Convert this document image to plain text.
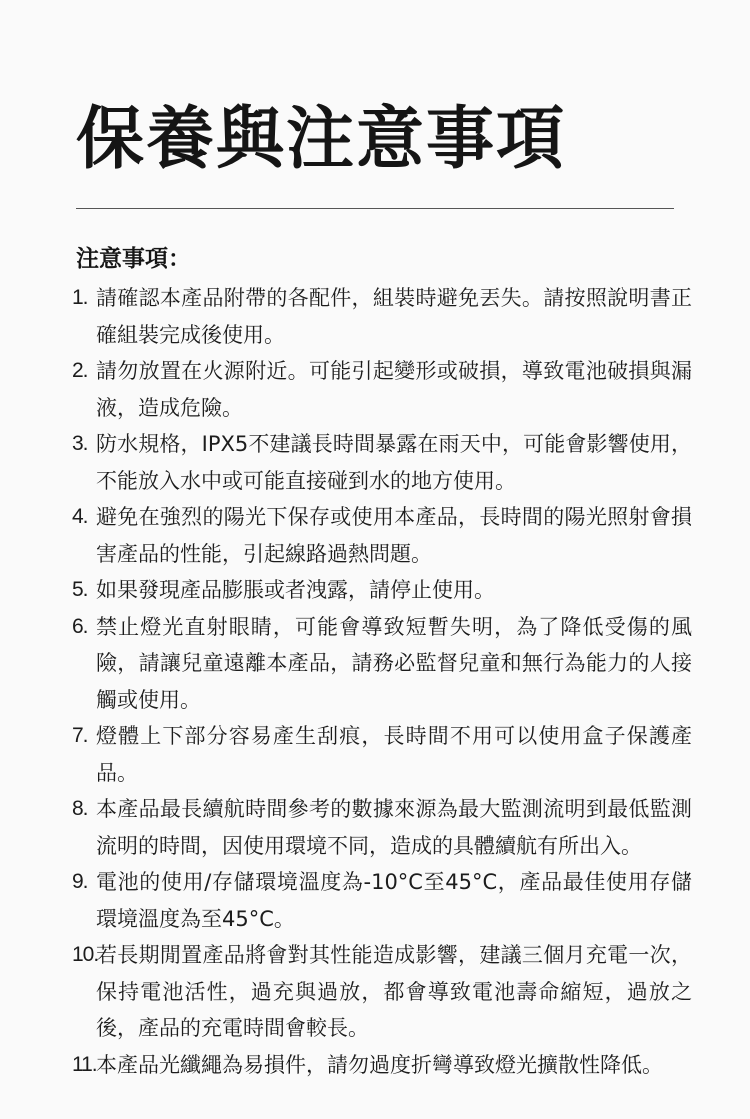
保養與注意事項
注意事項：
1. 請確認本產品附帶的各配件，組裝時避免丟失。請按照說明書正確組裝完成後使用。
2. 請勿放置在火源附近。可能引起變形或破損，導致電池破損與漏液，造成危險。
3. 防水規格，IPX5不建議長時間暴露在雨天中，可能會影響使用，不能放入水中或可能直接碰到水的地方使用。
4. 避免在強烈的陽光下保存或使用本產品，長時間的陽光照射會損害產品的性能，引起線路過熱問題。
5. 如果發現產品膨脹或者洩露，請停止使用。
6. 禁止燈光直射眼睛，可能會導致短暫失明，為了降低受傷的風險，請讓兒童遠離本產品，請務必監督兒童和無行為能力的人接觸或使用。
7. 燈體上下部分容易產生刮痕，長時間不用可以使用盒子保護產品。
8. 本產品最長續航時間參考的數據來源為最大監測流明到最低監測流明的時間，因使用環境不同，造成的具體續航有所出入。
9. 電池的使用/存儲環境溫度為-10°C至45°C，產品最佳使用存儲環境溫度為至45°C。
10.
若長期閒置產品將會對其性能造成影響，建議三個月充電一次，保持電池活性，過充與過放，都會導致電池壽命縮短，過放之後，產品的充電時間會較長。
11. 本產品光纖繩為易損件，請勿過度折彎導致燈光擴散性降低。
